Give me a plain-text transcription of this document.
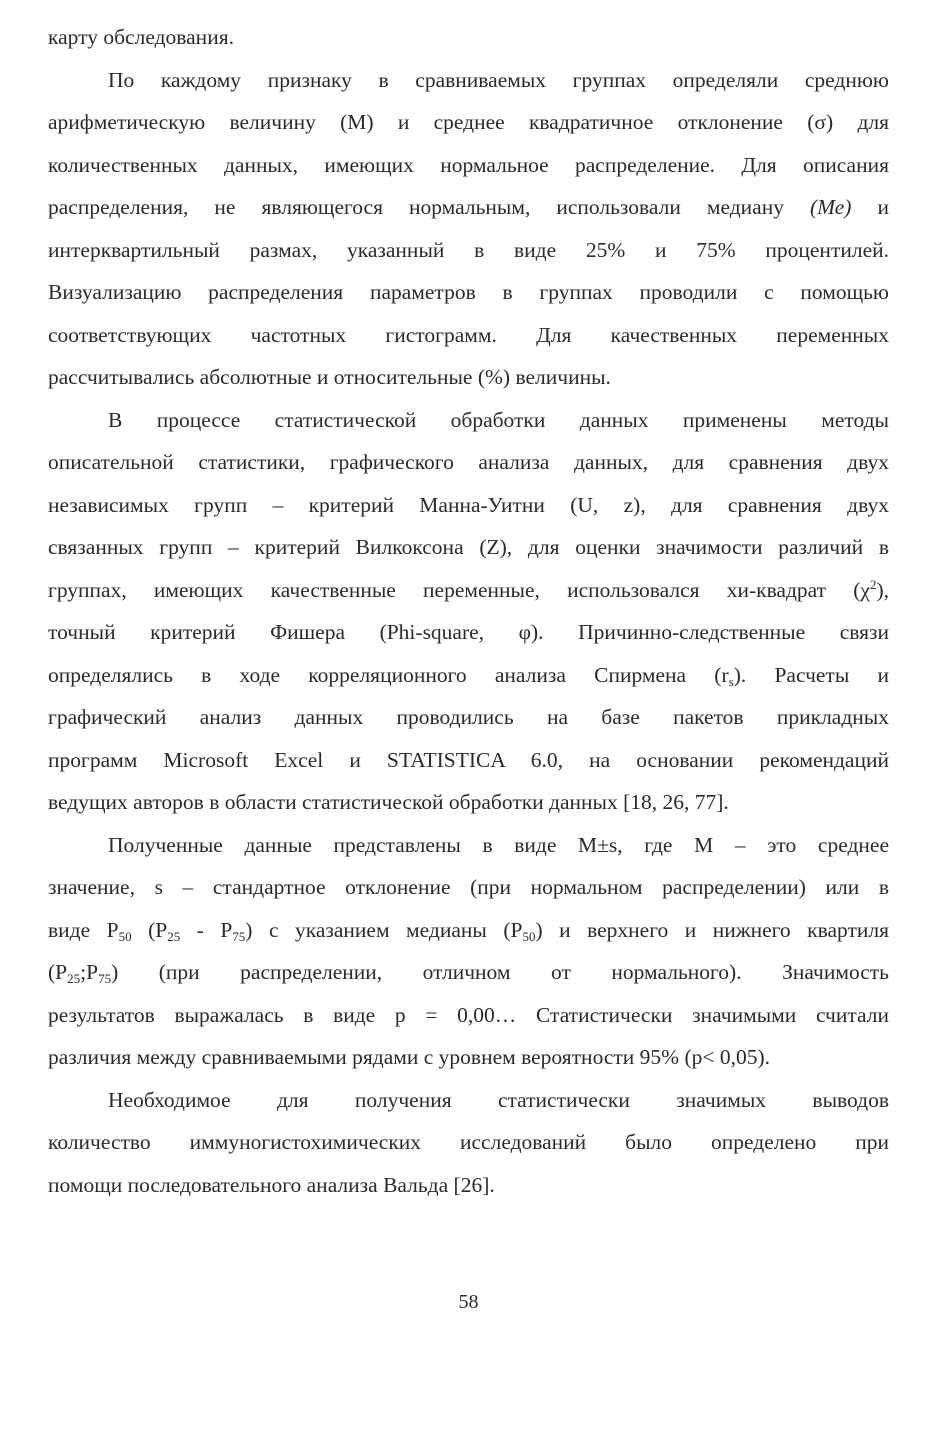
карту обследования.
По каждому признаку в сравниваемых группах определяли среднюю
арифметическую величину (М) и среднее квадратичное отклонение (σ) для
количественных данных, имеющих нормальное распределение. Для описания
распределения, не являющегося нормальным, использовали медиану (Ме) и
интерквартильный размах, указанный в виде 25% и 75% процентилей.
Визуализацию распределения параметров в группах проводили с помощью
соответствующих частотных гистограмм. Для качественных переменных
рассчитывались абсолютные и относительные (%) величины.
В процессе статистической обработки данных применены методы
описательной статистики, графического анализа данных, для сравнения двух
независимых групп – критерий Манна-Уитни (U, z), для сравнения двух
связанных групп – критерий Вилкоксона (Z), для оценки значимости различий в
группах, имеющих качественные переменные, использовался хи-квадрат $(\chi^2)$,
точный критерий Фишера (Phi-square, φ). Причинно-следственные связи
определялись в ходе корреляционного анализа Спирмена $(r_s)$. Расчеты и
графический анализ данных проводились на базе пакетов прикладных
программ Microsoft Excel и STATISTICA 6.0, на основании рекомендаций
ведущих авторов в области статистической обработки данных [18, 26, 77].
Полученные данные представлены в виде M±s, где М – это среднее
значение, s – стандартное отклонение (при нормальном распределении) или в
виде $P_{50}$ $(P_{25} - P_{75})$ с указанием медианы $(P_{50})$ и верхнего и нижнего квартиля
$(P_{25};P_{75})$ (при распределении, отличном от нормального). Значимость
результатов выражалась в виде р = 0,00… Статистически значимыми считали
различия между сравниваемыми рядами с уровнем вероятности 95% (р< 0,05).
Необходимое для получения статистически значимых выводов
количество иммуногистохимических исследований было определено при
помощи последовательного анализа Вальда [26].
58
